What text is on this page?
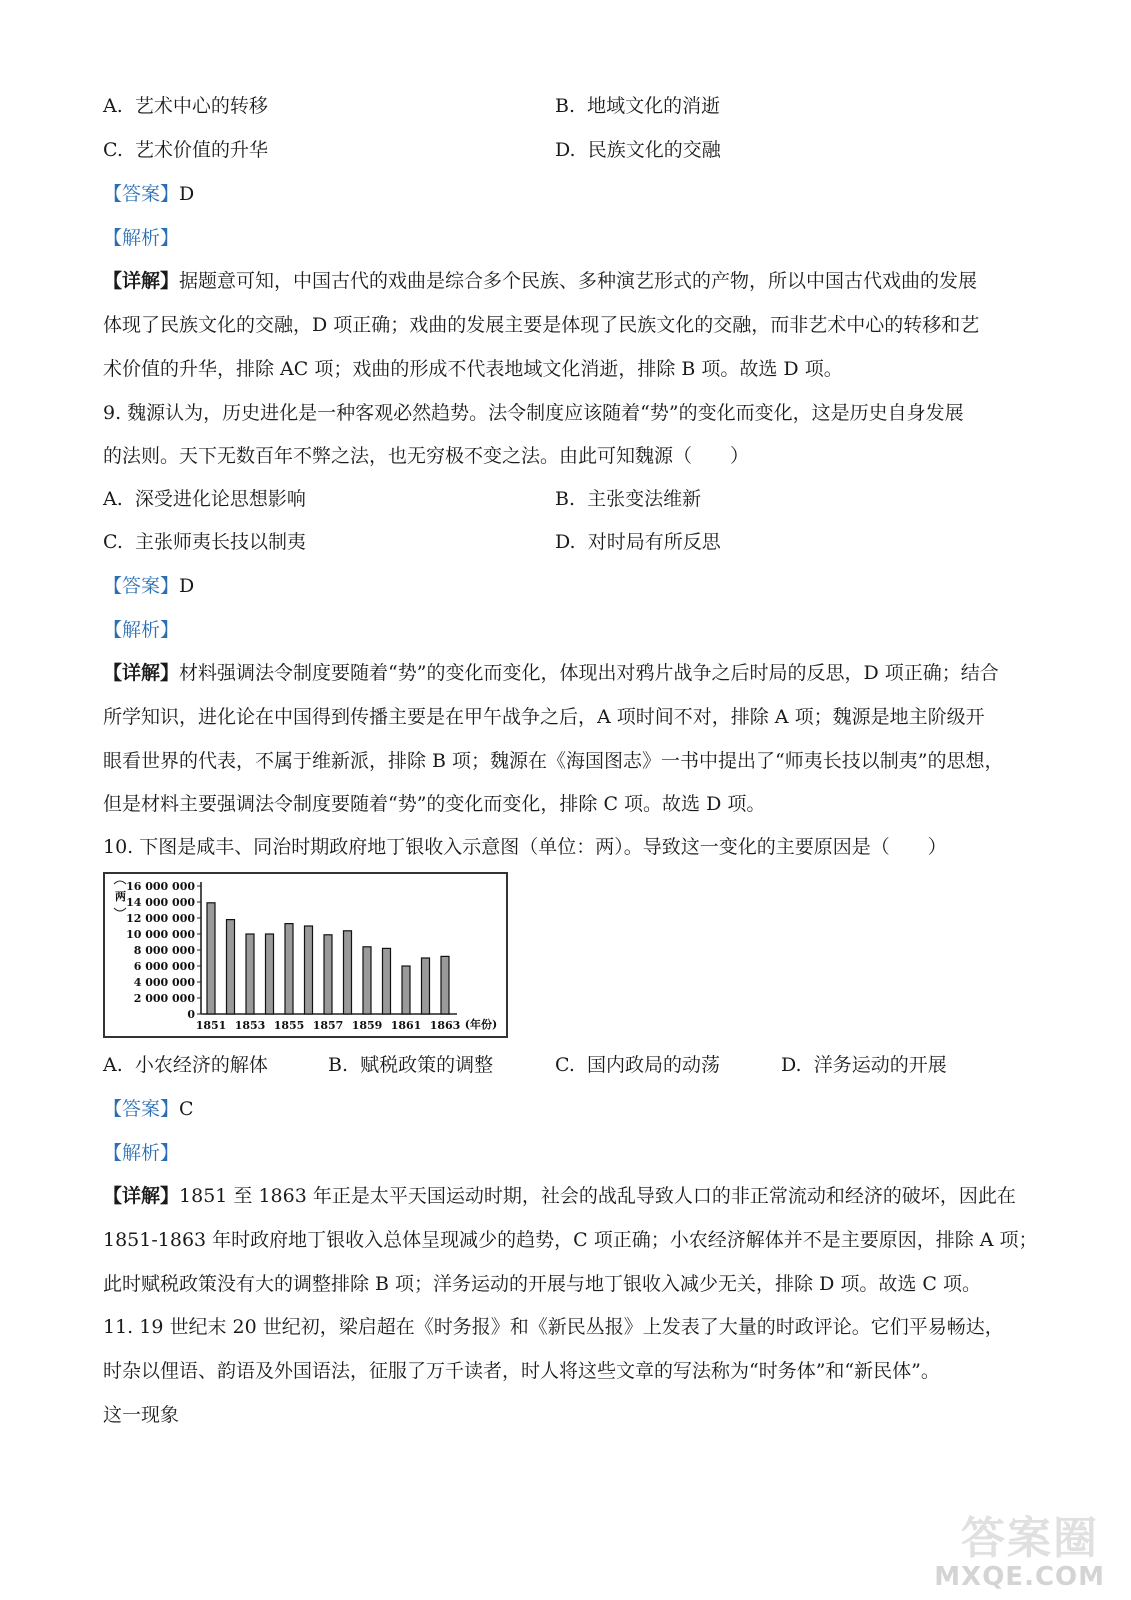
A. 艺术中心的转移	B. 地域文化的消逝
C. 艺术价值的升华	D. 民族文化的交融
【答案】D
【解析】
【详解】据题意可知，中国古代的戏曲是综合多个民族、多种演艺形式的产物，所以中国古代戏曲的发展
体现了民族文化的交融，D 项正确；戏曲的发展主要是体现了民族文化的交融，而非艺术中心的转移和艺
术价值的升华，排除 AC 项；戏曲的形成不代表地域文化消逝，排除 B 项。故选 D 项。
9. 魏源认为，历史进化是一种客观必然趋势。法令制度应该随着“势”的变化而变化，这是历史自身发展
的法则。天下无数百年不弊之法，也无穷极不变之法。由此可知魏源（　　）
A. 深受进化论思想影响	B. 主张变法维新
C. 主张师夷长技以制夷	D. 对时局有所反思
【答案】D
【解析】
【详解】材料强调法令制度要随着“势”的变化而变化，体现出对鸦片战争之后时局的反思，D 项正确；结合
所学知识，进化论在中国得到传播主要是在甲午战争之后，A 项时间不对，排除 A 项；魏源是地主阶级开
眼看世界的代表，不属于维新派，排除 B 项；魏源在《海国图志》一书中提出了“师夷长技以制夷”的思想，
但是材料主要强调法令制度要随着“势”的变化而变化，排除 C 项。故选 D 项。
10. 下图是咸丰、同治时期政府地丁银收入示意图（单位：两）。导致这一变化的主要原因是（　　）
0
2 000 000
4 000 000
6 000 000
8 000 000
10 000 000
12 000 000
14 000 000
16 000 000
两
1851 1853 1855 1857 1859 1861 1863 (年份)
A. 小农经济的解体	B. 赋税政策的调整	C. 国内政局的动荡	D. 洋务运动的开展
【答案】C
【解析】
【详解】1851 至 1863 年正是太平天国运动时期，社会的战乱导致人口的非正常流动和经济的破坏，因此在
1851-1863 年时政府地丁银收入总体呈现减少的趋势，C 项正确；小农经济解体并不是主要原因，排除 A 项；
此时赋税政策没有大的调整排除 B 项；洋务运动的开展与地丁银收入减少无关，排除 D 项。故选 C 项。
11. 19 世纪末 20 世纪初，梁启超在《时务报》和《新民丛报》上发表了大量的时政评论。它们平易畅达，
时杂以俚语、韵语及外国语法，征服了万千读者，时人将这些文章的写法称为“时务体”和“新民体”。
这一现象
答案圈
MXQE.COM
